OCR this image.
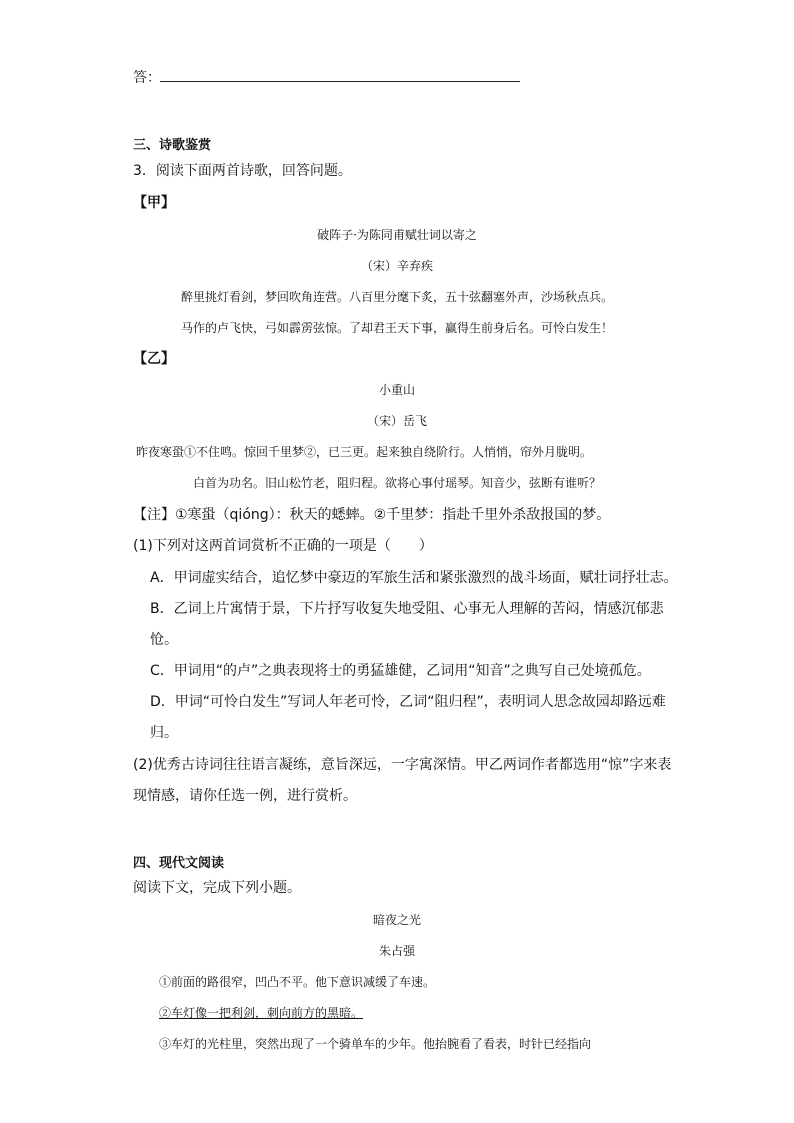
答：
三、诗歌鉴赏
3．阅读下面两首诗歌，回答问题。
【甲】
破阵子·为陈同甫赋壮词以寄之
（宋）辛弃疾
醉里挑灯看剑，梦回吹角连营。八百里分麾下炙，五十弦翻塞外声，沙场秋点兵。
马作的卢飞快，弓如霹雳弦惊。了却君王天下事，赢得生前身后名。可怜白发生！
【乙】
小重山
（宋）岳飞
昨夜寒蛩①不住鸣。惊回千里梦②，已三更。起来独自绕阶行。人悄悄，帘外月胧明。
白首为功名。旧山松竹老，阻归程。欲将心事付瑶琴。知音少，弦断有谁听？
【注】①寒蛩（qióng）：秋天的蟋蟀。②千里梦：指赴千里外杀敌报国的梦。
(1)下列对这两首词赏析不正确的一项是（　　）
A．甲词虚实结合，追忆梦中豪迈的军旅生活和紧张激烈的战斗场面，赋壮词抒壮志。
B．乙词上片寓情于景，下片抒写收复失地受阻、心事无人理解的苦闷，情感沉郁悲
怆。
C．甲词用“的卢”之典表现将士的勇猛雄健，乙词用“知音”之典写自己处境孤危。
D．甲词“可怜白发生”写词人年老可怜，乙词“阻归程”，表明词人思念故园却路远难
归。
(2)优秀古诗词往往语言凝练，意旨深远，一字寓深情。甲乙两词作者都选用“惊”字来表
现情感，请你任选一例，进行赏析。
四、现代文阅读
阅读下文，完成下列小题。
暗夜之光
朱占强
①前面的路很窄，凹凸不平。他下意识减缓了车速。
②车灯像一把利剑，刺向前方的黑暗。
③车灯的光柱里，突然出现了一个骑单车的少年。他抬腕看了看表，时针已经指向
